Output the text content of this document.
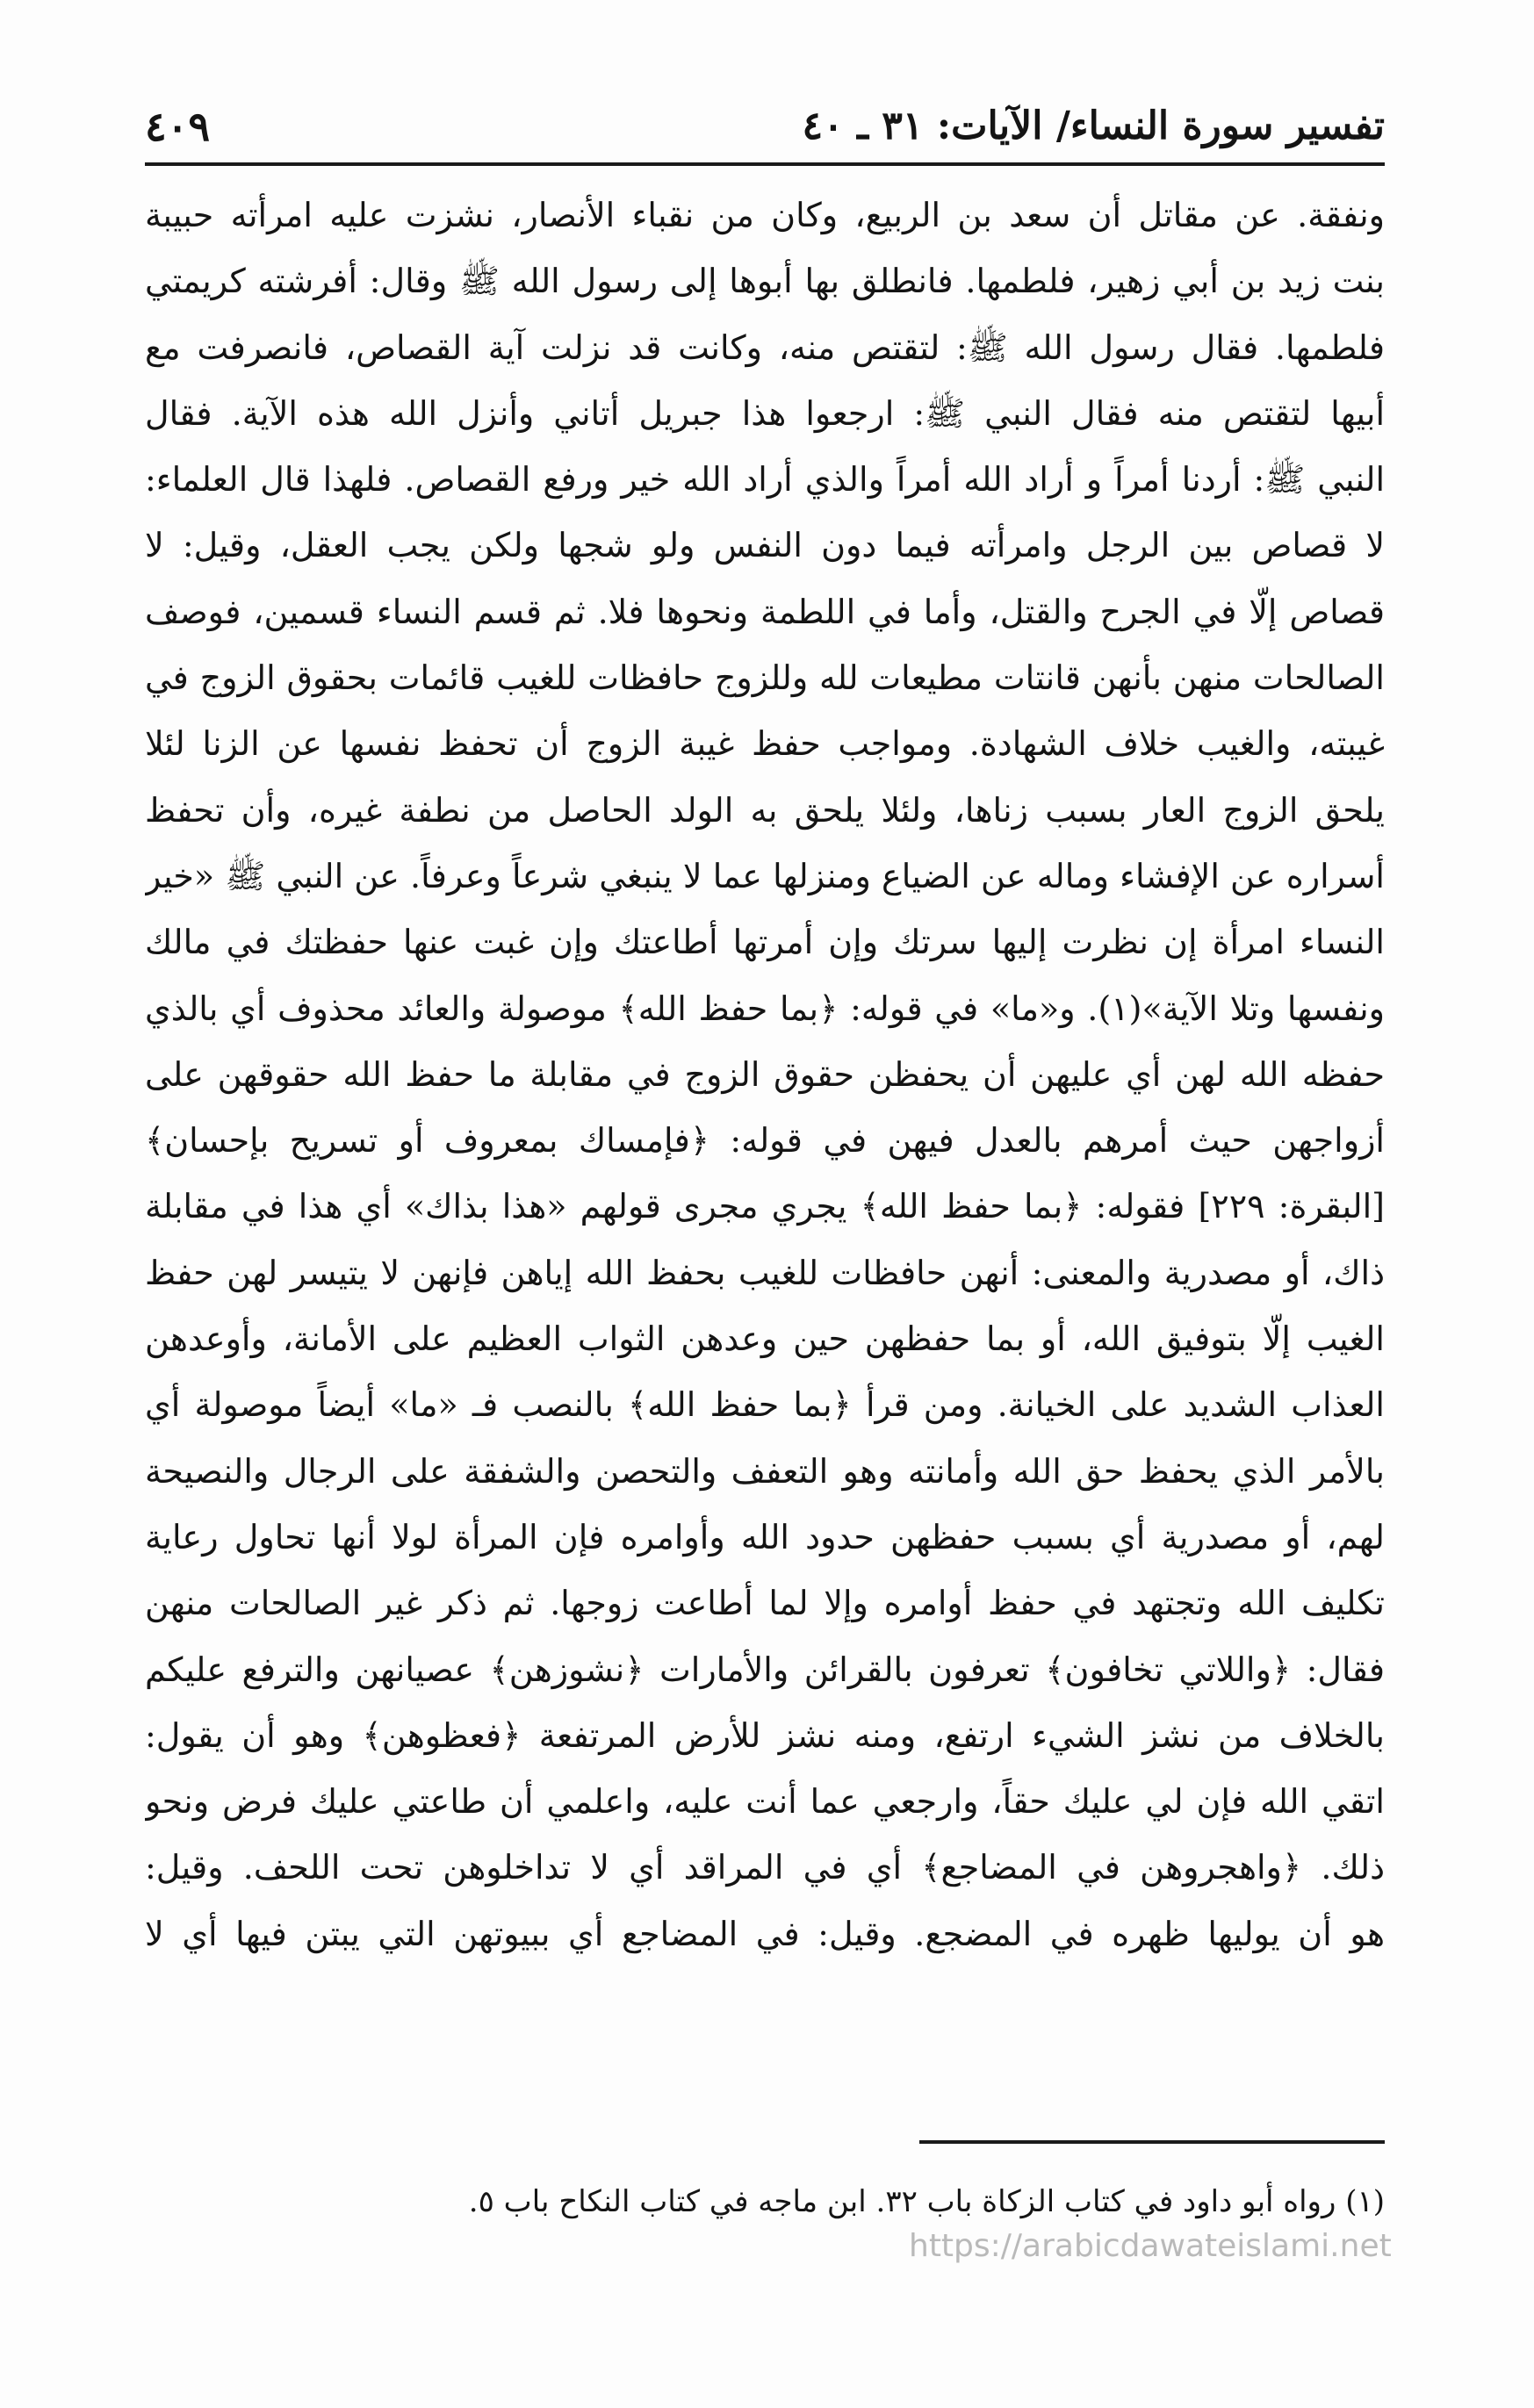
تفسير سورة النساء/ الآيات: ٣١ ـ ٤٠
٤٠٩
ونفقة. عن مقاتل أن سعد بن الربيع، وكان من نقباء الأنصار، نشزت عليه امرأته حبيبة
بنت زيد بن أبي زهير، فلطمها. فانطلق بها أبوها إلى رسول الله ﷺ وقال: أفرشته كريمتي
فلطمها. فقال رسول الله ﷺ: لتقتص منه، وكانت قد نزلت آية القصاص، فانصرفت مع
أبيها لتقتص منه فقال النبي ﷺ: ارجعوا هذا جبريل أتاني وأنزل الله هذه الآية. فقال
النبي ﷺ: أردنا أمراً و أراد الله أمراً والذي أراد الله خير ورفع القصاص. فلهذا قال العلماء:
لا قصاص بين الرجل وامرأته فيما دون النفس ولو شجها ولكن يجب العقل، وقيل: لا
قصاص إلّا في الجرح والقتل، وأما في اللطمة ونحوها فلا. ثم قسم النساء قسمين، فوصف
الصالحات منهن بأنهن قانتات مطيعات لله وللزوج حافظات للغيب قائمات بحقوق الزوج في
غيبته، والغيب خلاف الشهادة. ومواجب حفظ غيبة الزوج أن تحفظ نفسها عن الزنا لئلا
يلحق الزوج العار بسبب زناها، ولئلا يلحق به الولد الحاصل من نطفة غيره، وأن تحفظ
أسراره عن الإفشاء وماله عن الضياع ومنزلها عما لا ينبغي شرعاً وعرفاً. عن النبي ﷺ «خير
النساء امرأة إن نظرت إليها سرتك وإن أمرتها أطاعتك وإن غبت عنها حفظتك في مالك
ونفسها وتلا الآية»(١). و«ما» في قوله: ﴿بما حفظ الله﴾ موصولة والعائد محذوف أي بالذي
حفظه الله لهن أي عليهن أن يحفظن حقوق الزوج في مقابلة ما حفظ الله حقوقهن على
أزواجهن حيث أمرهم بالعدل فيهن في قوله: ﴿فإمساك بمعروف أو تسريح بإحسان﴾
[البقرة: ٢٢٩] فقوله: ﴿بما حفظ الله﴾ يجري مجرى قولهم «هذا بذاك» أي هذا في مقابلة
ذاك، أو مصدرية والمعنى: أنهن حافظات للغيب بحفظ الله إياهن فإنهن لا يتيسر لهن حفظ
الغيب إلّا بتوفيق الله، أو بما حفظهن حين وعدهن الثواب العظيم على الأمانة، وأوعدهن
العذاب الشديد على الخيانة. ومن قرأ ﴿بما حفظ الله﴾ بالنصب فـ «ما» أيضاً موصولة أي
بالأمر الذي يحفظ حق الله وأمانته وهو التعفف والتحصن والشفقة على الرجال والنصيحة
لهم، أو مصدرية أي بسبب حفظهن حدود الله وأوامره فإن المرأة لولا أنها تحاول رعاية
تكليف الله وتجتهد في حفظ أوامره وإلا لما أطاعت زوجها. ثم ذكر غير الصالحات منهن
فقال: ﴿واللاتي تخافون﴾ تعرفون بالقرائن والأمارات ﴿نشوزهن﴾ عصيانهن والترفع عليكم
بالخلاف من نشز الشيء ارتفع، ومنه نشز للأرض المرتفعة ﴿فعظوهن﴾ وهو أن يقول:
اتقي الله فإن لي عليك حقاً، وارجعي عما أنت عليه، واعلمي أن طاعتي عليك فرض ونحو
ذلك. ﴿واهجروهن في المضاجع﴾ أي في المراقد أي لا تداخلوهن تحت اللحف. وقيل:
هو أن يوليها ظهره في المضجع. وقيل: في المضاجع أي ببيوتهن التي يبتن فيها أي لا
(١) رواه أبو داود في كتاب الزكاة باب ٣٢. ابن ماجه في كتاب النكاح باب ٥.
https://arabicdawateislami.net
